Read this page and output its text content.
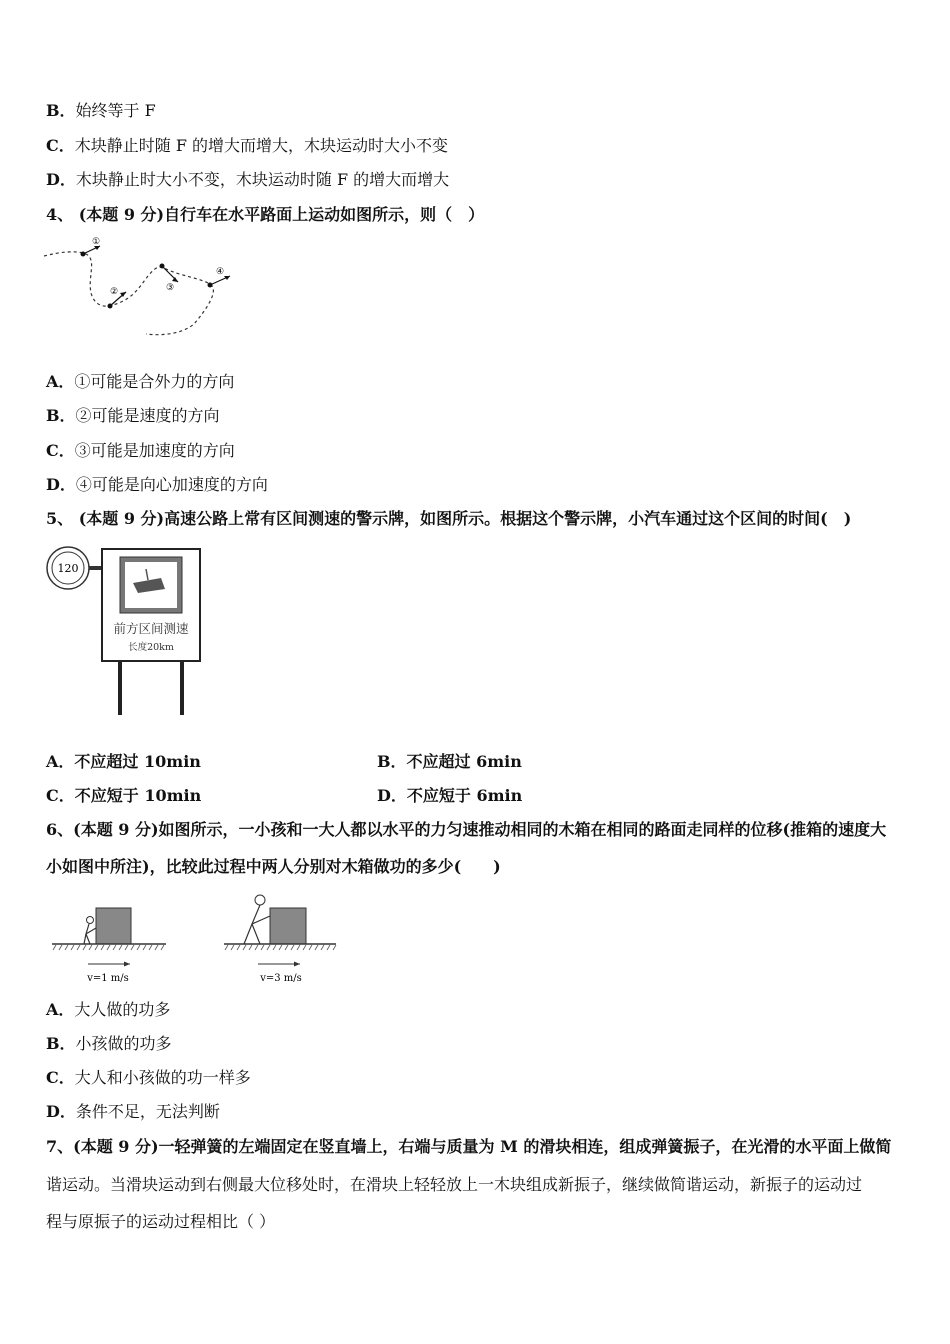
B．始终等于 F
C．木块静止时随 F 的增大而增大，木块运动时大小不变
D．木块静止时大小不变，木块运动时随 F 的增大而增大
4、 (本题 9 分)自行车在水平路面上运动如图所示，则（　）
①
②	③
④
A．①可能是合外力的方向
B．②可能是速度的方向
C．③可能是加速度的方向
D．④可能是向心加速度的方向
5、 (本题 9 分)高速公路上常有区间测速的警示牌，如图所示。根据这个警示牌，小汽车通过这个区间的时间(　)
120
前方区间测速
长度20km
A．不应超过 10min	B．不应超过 6min
C．不应短于 10min	D．不应短于 6min
6、(本题 9 分)如图所示，一小孩和一大人都以水平的力匀速推动相同的木箱在相同的路面走同样的位移(推箱的速度大
小如图中所注)，比较此过程中两人分别对木箱做功的多少(　　)
v=1 m/s	v=3 m/s
A．大人做的功多
B．小孩做的功多
C．大人和小孩做的功一样多
D．条件不足，无法判断
7、(本题 9 分)一轻弹簧的左端固定在竖直墙上，右端与质量为 M 的滑块相连，组成弹簧振子，在光滑的水平面上做简
谐运动。当滑块运动到右侧最大位移处时，在滑块上轻轻放上一木块组成新振子，继续做简谐运动，新振子的运动过
程与原振子的运动过程相比（ ）
